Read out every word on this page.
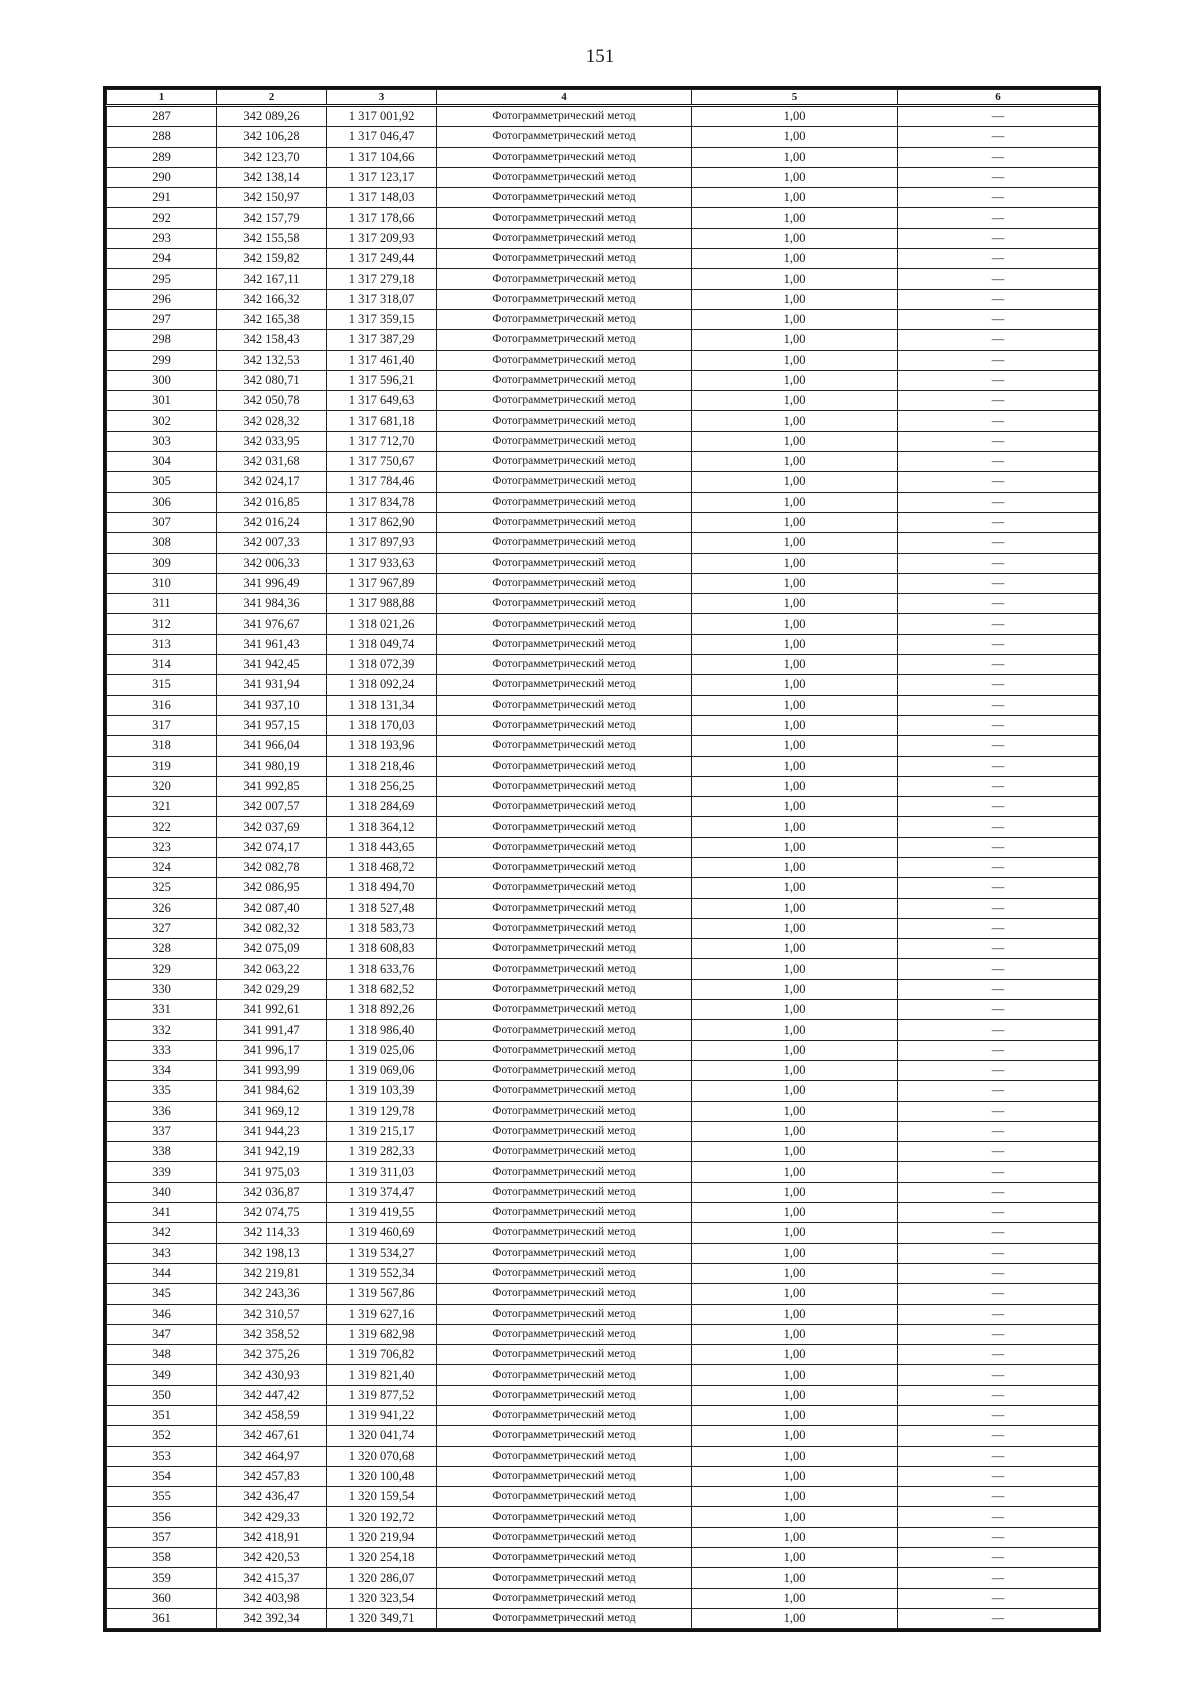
151
1	2	3	4	5	6
287	342 089,26	1 317 001,92	Фотограмметрический метод	1,00	—
288	342 106,28	1 317 046,47	Фотограмметрический метод	1,00	—
289	342 123,70	1 317 104,66	Фотограмметрический метод	1,00	—
290	342 138,14	1 317 123,17	Фотограмметрический метод	1,00	—
291	342 150,97	1 317 148,03	Фотограмметрический метод	1,00	—
292	342 157,79	1 317 178,66	Фотограмметрический метод	1,00	—
293	342 155,58	1 317 209,93	Фотограмметрический метод	1,00	—
294	342 159,82	1 317 249,44	Фотограмметрический метод	1,00	—
295	342 167,11	1 317 279,18	Фотограмметрический метод	1,00	—
296	342 166,32	1 317 318,07	Фотограмметрический метод	1,00	—
297	342 165,38	1 317 359,15	Фотограмметрический метод	1,00	—
298	342 158,43	1 317 387,29	Фотограмметрический метод	1,00	—
299	342 132,53	1 317 461,40	Фотограмметрический метод	1,00	—
300	342 080,71	1 317 596,21	Фотограмметрический метод	1,00	—
301	342 050,78	1 317 649,63	Фотограмметрический метод	1,00	—
302	342 028,32	1 317 681,18	Фотограмметрический метод	1,00	—
303	342 033,95	1 317 712,70	Фотограмметрический метод	1,00	—
304	342 031,68	1 317 750,67	Фотограмметрический метод	1,00	—
305	342 024,17	1 317 784,46	Фотограмметрический метод	1,00	—
306	342 016,85	1 317 834,78	Фотограмметрический метод	1,00	—
307	342 016,24	1 317 862,90	Фотограмметрический метод	1,00	—
308	342 007,33	1 317 897,93	Фотограмметрический метод	1,00	—
309	342 006,33	1 317 933,63	Фотограмметрический метод	1,00	—
310	341 996,49	1 317 967,89	Фотограмметрический метод	1,00	—
311	341 984,36	1 317 988,88	Фотограмметрический метод	1,00	—
312	341 976,67	1 318 021,26	Фотограмметрический метод	1,00	—
313	341 961,43	1 318 049,74	Фотограмметрический метод	1,00	—
314	341 942,45	1 318 072,39	Фотограмметрический метод	1,00	—
315	341 931,94	1 318 092,24	Фотограмметрический метод	1,00	—
316	341 937,10	1 318 131,34	Фотограмметрический метод	1,00	—
317	341 957,15	1 318 170,03	Фотограмметрический метод	1,00	—
318	341 966,04	1 318 193,96	Фотограмметрический метод	1,00	—
319	341 980,19	1 318 218,46	Фотограмметрический метод	1,00	—
320	341 992,85	1 318 256,25	Фотограмметрический метод	1,00	—
321	342 007,57	1 318 284,69	Фотограмметрический метод	1,00	—
322	342 037,69	1 318 364,12	Фотограмметрический метод	1,00	—
323	342 074,17	1 318 443,65	Фотограмметрический метод	1,00	—
324	342 082,78	1 318 468,72	Фотограмметрический метод	1,00	—
325	342 086,95	1 318 494,70	Фотограмметрический метод	1,00	—
326	342 087,40	1 318 527,48	Фотограмметрический метод	1,00	—
327	342 082,32	1 318 583,73	Фотограмметрический метод	1,00	—
328	342 075,09	1 318 608,83	Фотограмметрический метод	1,00	—
329	342 063,22	1 318 633,76	Фотограмметрический метод	1,00	—
330	342 029,29	1 318 682,52	Фотограмметрический метод	1,00	—
331	341 992,61	1 318 892,26	Фотограмметрический метод	1,00	—
332	341 991,47	1 318 986,40	Фотограмметрический метод	1,00	—
333	341 996,17	1 319 025,06	Фотограмметрический метод	1,00	—
334	341 993,99	1 319 069,06	Фотограмметрический метод	1,00	—
335	341 984,62	1 319 103,39	Фотограмметрический метод	1,00	—
336	341 969,12	1 319 129,78	Фотограмметрический метод	1,00	—
337	341 944,23	1 319 215,17	Фотограмметрический метод	1,00	—
338	341 942,19	1 319 282,33	Фотограмметрический метод	1,00	—
339	341 975,03	1 319 311,03	Фотограмметрический метод	1,00	—
340	342 036,87	1 319 374,47	Фотограмметрический метод	1,00	—
341	342 074,75	1 319 419,55	Фотограмметрический метод	1,00	—
342	342 114,33	1 319 460,69	Фотограмметрический метод	1,00	—
343	342 198,13	1 319 534,27	Фотограмметрический метод	1,00	—
344	342 219,81	1 319 552,34	Фотограмметрический метод	1,00	—
345	342 243,36	1 319 567,86	Фотограмметрический метод	1,00	—
346	342 310,57	1 319 627,16	Фотограмметрический метод	1,00	—
347	342 358,52	1 319 682,98	Фотограмметрический метод	1,00	—
348	342 375,26	1 319 706,82	Фотограмметрический метод	1,00	—
349	342 430,93	1 319 821,40	Фотограмметрический метод	1,00	—
350	342 447,42	1 319 877,52	Фотограмметрический метод	1,00	—
351	342 458,59	1 319 941,22	Фотограмметрический метод	1,00	—
352	342 467,61	1 320 041,74	Фотограмметрический метод	1,00	—
353	342 464,97	1 320 070,68	Фотограмметрический метод	1,00	—
354	342 457,83	1 320 100,48	Фотограмметрический метод	1,00	—
355	342 436,47	1 320 159,54	Фотограмметрический метод	1,00	—
356	342 429,33	1 320 192,72	Фотограмметрический метод	1,00	—
357	342 418,91	1 320 219,94	Фотограмметрический метод	1,00	—
358	342 420,53	1 320 254,18	Фотограмметрический метод	1,00	—
359	342 415,37	1 320 286,07	Фотограмметрический метод	1,00	—
360	342 403,98	1 320 323,54	Фотограмметрический метод	1,00	—
361	342 392,34	1 320 349,71	Фотограмметрический метод	1,00	—
